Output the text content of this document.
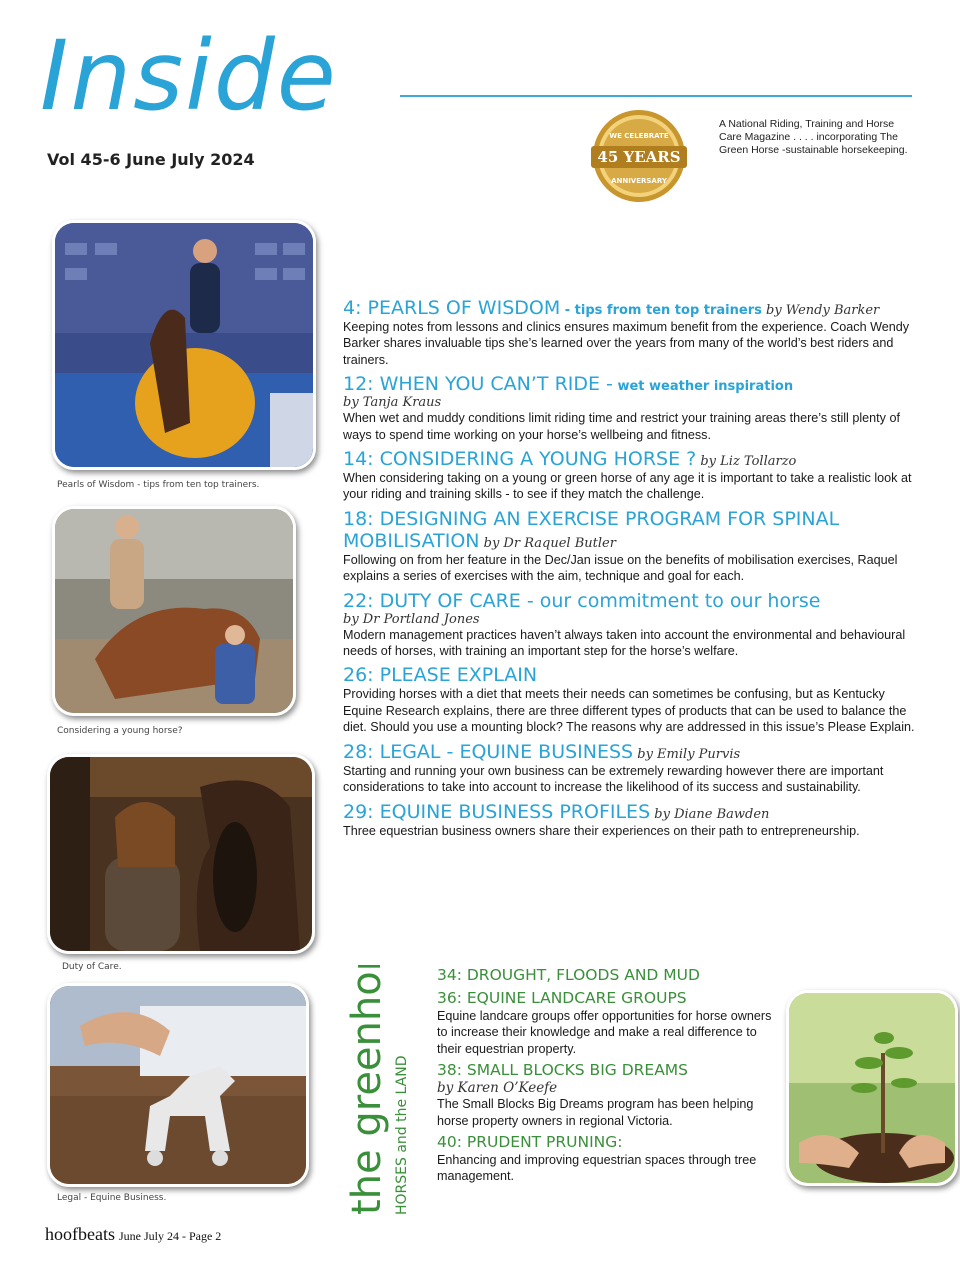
Inside
Vol 45-6 June July 2024	45 YEARS
WE CELEBRATE
ANNIVERSARY
A National Riding, Training and Horse Care Magazine . . . . incorporating The Green Horse -sustainable horsekeeping.
Pearls of Wisdom - tips from ten top trainers.
Considering a young horse?
Duty of Care.
Legal - Equine Business.
4: PEARLS OF WISDOM - tips from ten top trainers by Wendy Barker
Keeping notes from lessons and clinics ensures maximum benefit from the experience. Coach Wendy Barker shares invaluable tips she’s learned over the years from many of the world’s best riders and trainers.
12: WHEN YOU CAN’T RIDE - wet weather inspiration
by Tanja Kraus
When wet and muddy conditions limit riding time and restrict your training areas there’s still plenty of ways to spend time working on your horse’s wellbeing and fitness.
14: CONSIDERING A YOUNG HORSE ? by Liz Tollarzo
When considering taking on a young or green horse of any age it is important to take a realistic look at your riding and training skills - to see if they match the challenge.
18: DESIGNING AN EXERCISE PROGRAM FOR SPINAL MOBILISATION by Dr Raquel Butler
Following on from her feature in the Dec/Jan issue on the benefits of mobilisation exercises, Raquel explains a series of exercises with the aim, technique and goal for each.
22: DUTY OF CARE - our commitment to our horse
by Dr Portland Jones
Modern management practices haven’t always taken into account the environmental and behavioural needs of horses, with training an important step for the horse’s welfare.
26: PLEASE EXPLAIN
Providing horses with a diet that meets their needs can sometimes be confusing, but as Kentucky Equine Research explains, there are three different types of products that can be used to balance the diet. Should you use a mounting block? The reasons why are addressed in this issue’s Please Explain.
28: LEGAL - EQUINE BUSINESS by Emily Purvis
Starting and running your own business can be extremely rewarding however there are important considerations to take into account to increase the likelihood of its success and sustainability.
29: EQUINE BUSINESS PROFILES by Diane Bawden
Three equestrian business owners share their experiences on their path to entrepreneurship.
the greenhorse HORSES and the LAND
34: DROUGHT, FLOODS AND MUD
36: EQUINE LANDCARE GROUPS
Equine landcare groups offer opportunities for horse owners to increase their knowledge and make a real difference to their equestrian property.
38: SMALL BLOCKS BIG DREAMS
by Karen O’Keefe
The Small Blocks Big Dreams program has been helping horse property owners in regional Victoria.
40: PRUDENT PRUNING:
Enhancing and improving equestrian spaces through tree management.
hoofbeats June July 24 - Page 2
